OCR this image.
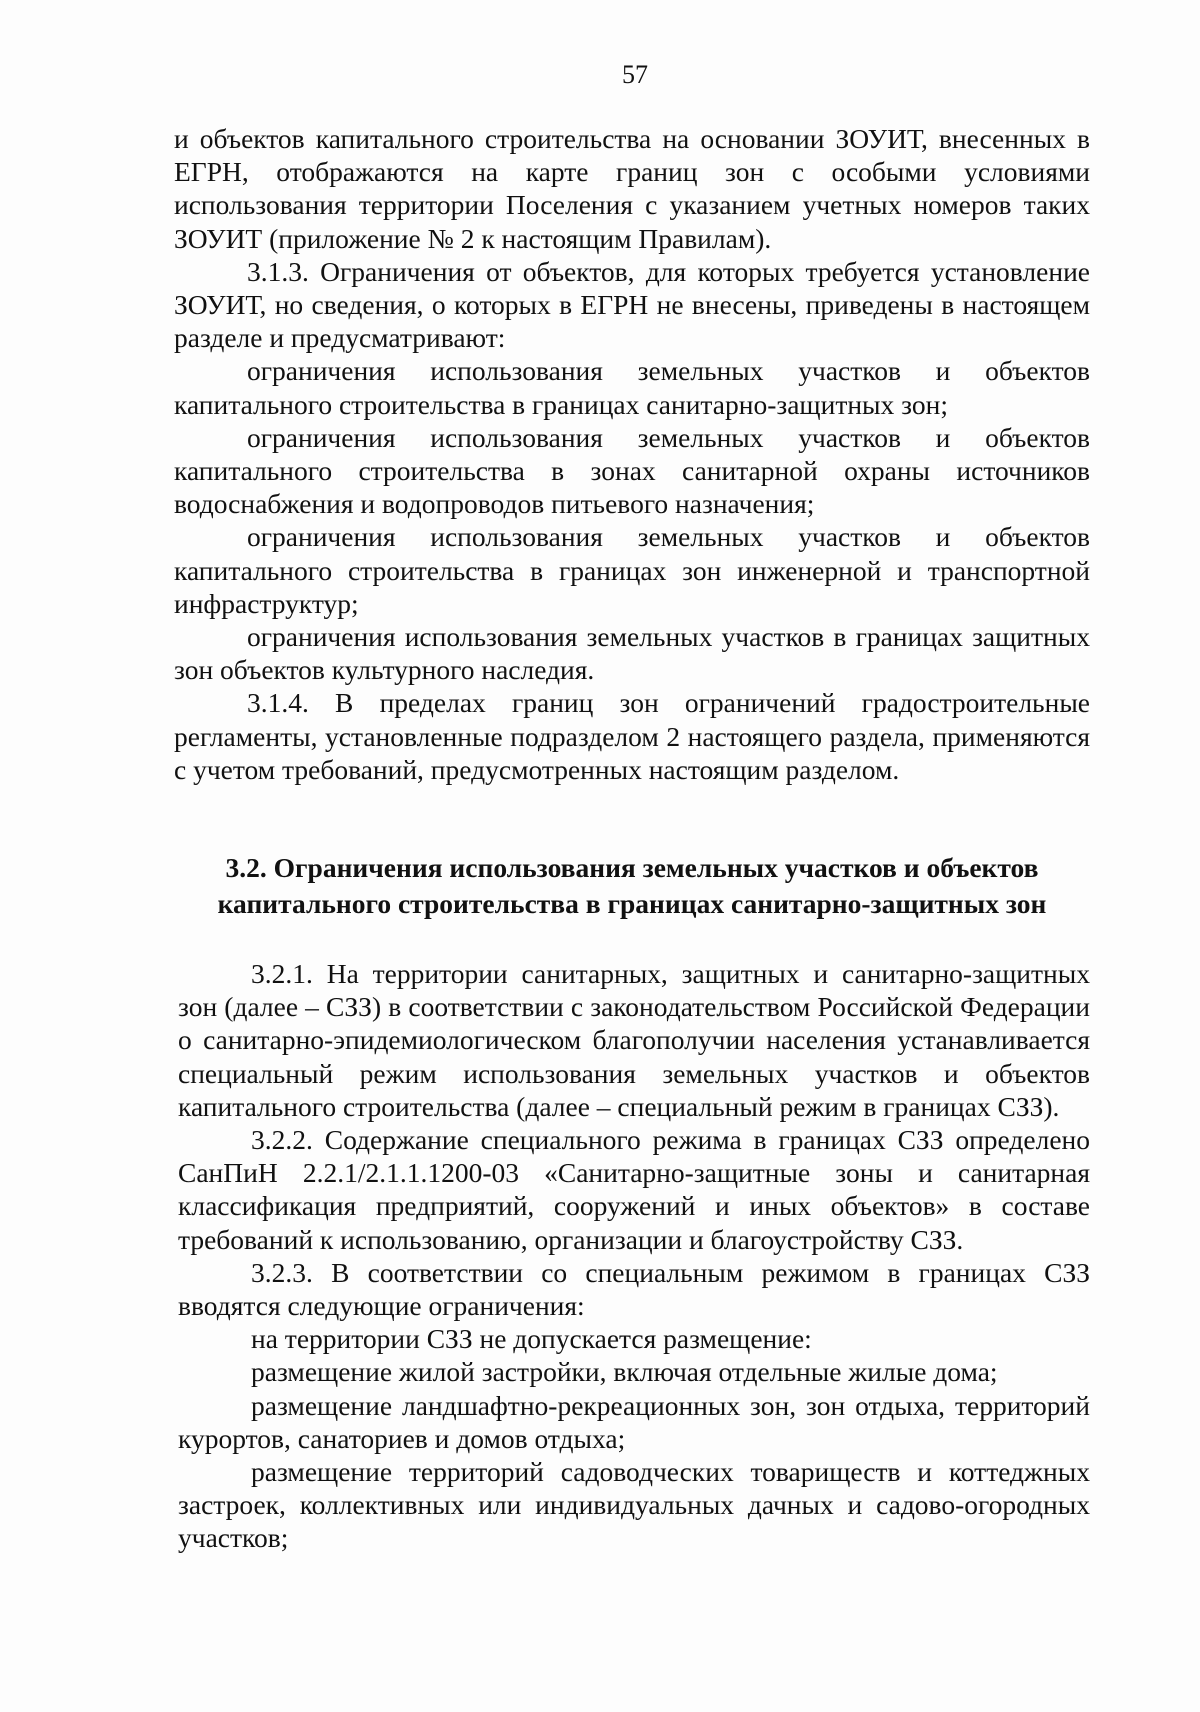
57

и объектов капитального строительства на основании ЗОУИТ, внесенных в ЕГРН, отображаются на карте границ зон с особыми условиями использования территории Поселения с указанием учетных номеров таких ЗОУИТ (приложение № 2 к настоящим Правилам).

3.1.3. Ограничения от объектов, для которых требуется установление ЗОУИТ, но сведения, о которых в ЕГРН не внесены, приведены в настоящем разделе и предусматривают:

ограничения использования земельных участков и объектов капитального строительства в границах санитарно-защитных зон;

ограничения использования земельных участков и объектов капитального строительства в зонах санитарной охраны источников водоснабжения и водопроводов питьевого назначения;

ограничения использования земельных участков и объектов капитального строительства в границах зон инженерной и транспортной инфраструктур;

ограничения использования земельных участков в границах защитных зон объектов культурного наследия.

3.1.4. В пределах границ зон ограничений градостроительные регламенты, установленные подразделом 2 настоящего раздела, применяются с учетом требований, предусмотренных настоящим разделом.

3.2. Ограничения использования земельных участков и объектов капитального строительства в границах санитарно-защитных зон

3.2.1. На территории санитарных, защитных и санитарно-защитных зон (далее – СЗЗ) в соответствии с законодательством Российской Федерации о санитарно-эпидемиологическом благополучии населения устанавливается специальный режим использования земельных участков и объектов капитального строительства (далее – специальный режим в границах СЗЗ).

3.2.2. Содержание специального режима в границах СЗЗ определено СанПиН 2.2.1/2.1.1.1200-03 «Санитарно-защитные зоны и санитарная классификация предприятий, сооружений и иных объектов» в составе требований к использованию, организации и благоустройству СЗЗ.

3.2.3. В соответствии со специальным режимом в границах СЗЗ вводятся следующие ограничения:

на территории СЗЗ не допускается размещение:

размещение жилой застройки, включая отдельные жилые дома;

размещение ландшафтно-рекреационных зон, зон отдыха, территорий курортов, санаториев и домов отдыха;

размещение территорий садоводческих товариществ и коттеджных застроек, коллективных или индивидуальных дачных и садово-огородных участков;
